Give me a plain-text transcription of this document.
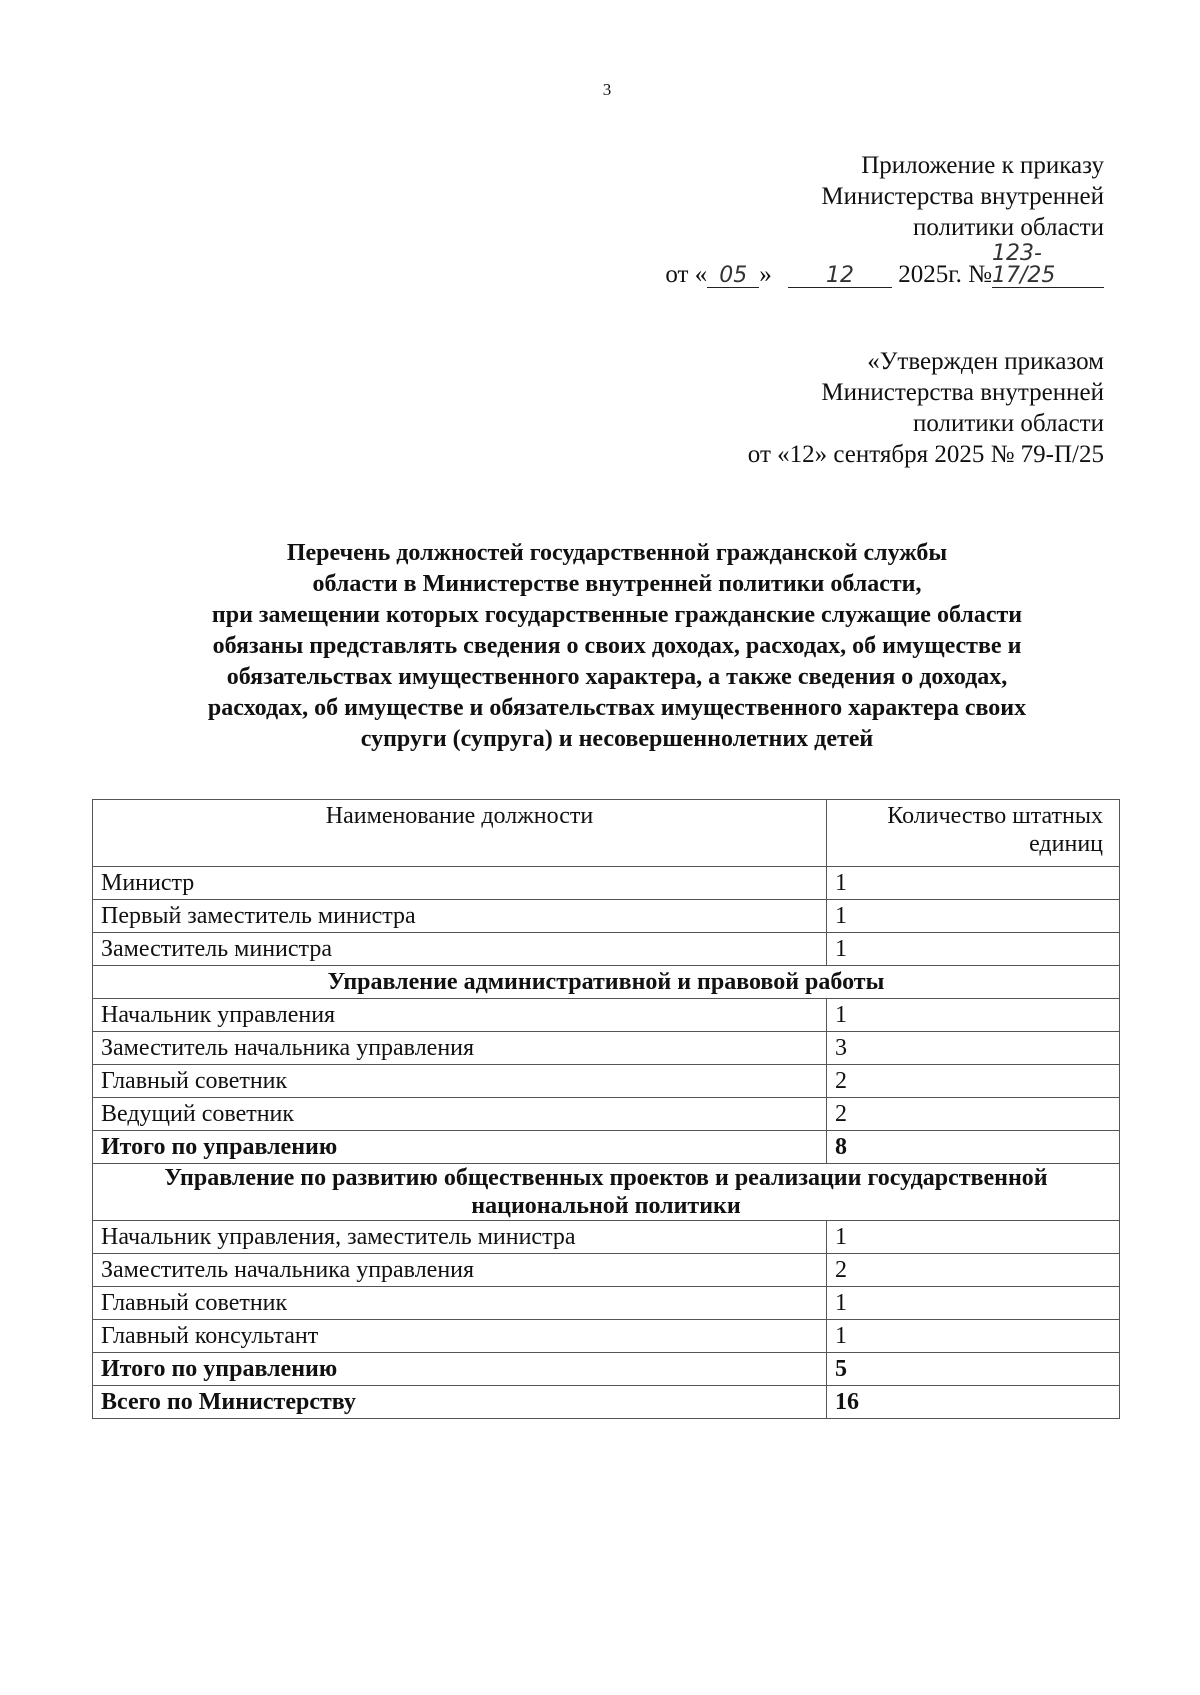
3
Приложение к приказу
Министерства внутренней
политики области
от « 05 » 12 2025г. №123-17/25
«Утвержден приказом
Министерства внутренней
политики области
от «12» сентября 2025 № 79-П/25
Перечень должностей государственной гражданской службы
области в Министерстве внутренней политики области,
при замещении которых государственные гражданские служащие области
обязаны представлять сведения о своих доходах, расходах, об имуществе и
обязательствах имущественного характера, а также сведения о доходах,
расходах, об имуществе и обязательствах имущественного характера своих
супруги (супруга) и несовершеннолетних детей
Наименование должности	Количество штатных единиц
Министр	1
Первый заместитель министра	1
Заместитель министра	1
Управление административной и правовой работы	
Начальник управления	1
Заместитель начальника управления	3
Главный советник	2
Ведущий советник	2
Итого по управлению	8
Управление по развитию общественных проектов и реализации государственной национальной политики	
Начальник управления, заместитель министра	1
Заместитель начальника управления	2
Главный советник	1
Главный консультант	1
Итого по управлению	5
Всего по Министерству	16
